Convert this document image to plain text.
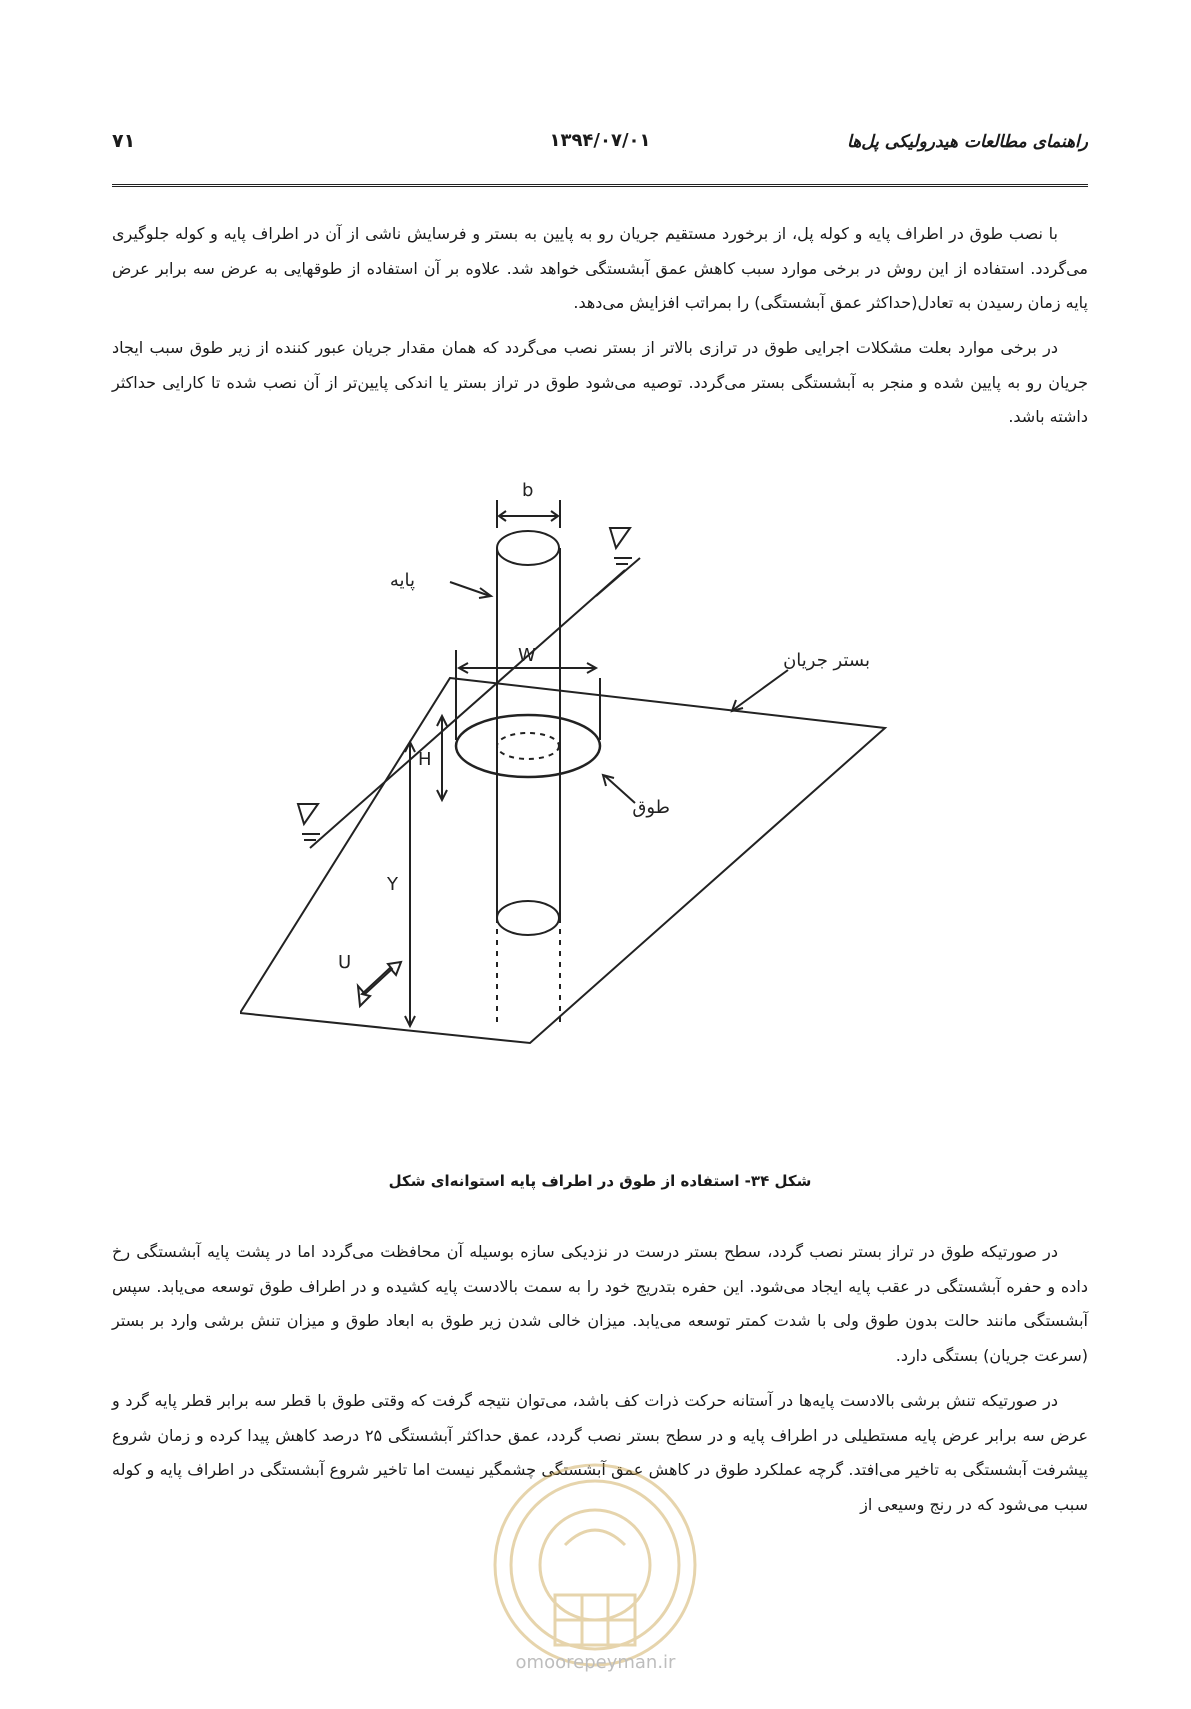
راهنمای مطالعات هیدرولیکی پل‌ها
۱۳۹۴/۰۷/۰۱
۷۱

با نصب طوق در اطراف پایه و کوله پل، از برخورد مستقیم جریان رو به پایین به بستر و فرسایش ناشی از آن در اطراف پایه و کوله جلوگیری می‌گردد. استفاده از این روش در برخی موارد سبب کاهش عمق آبشستگی خواهد شد. علاوه بر آن استفاده از طوقهایی به عرض سه برابر عرض پایه زمان رسیدن به تعادل(حداکثر عمق آبشستگی) را بمراتب افزایش می‌دهد.

در برخی موارد بعلت مشکلات اجرایی طوق در ترازی بالاتر از بستر نصب می‌گردد که همان مقدار جریان عبور کننده از زیر طوق سبب ایجاد جریان رو به پایین شده و منجر به آبشستگی بستر می‌گردد. توصیه می‌شود طوق در تراز بستر یا اندکی پایین‌تر از آن نصب شده تا کارایی حداکثر داشته باشد.

b
W
H
Y
U
پایه
بستر جریان
طوق
شکل ۳۴- استفاده از طوق در اطراف پایه استوانه‌ای شکل

در صورتیکه طوق در تراز بستر نصب گردد، سطح بستر درست در نزدیکی سازه بوسیله آن محافظت می‌گردد اما در پشت پایه آبشستگی رخ داده و حفره آبشستگی در عقب پایه ایجاد می‌شود. این حفره بتدریج خود را به سمت بالادست پایه کشیده و در اطراف طوق توسعه می‌یابد. سپس آبشستگی مانند حالت بدون طوق ولی با شدت کمتر توسعه می‌یابد. میزان خالی شدن زیر طوق به ابعاد طوق و میزان تنش برشی وارد بر بستر (سرعت جریان) بستگی دارد.

در صورتیکه تنش برشی بالادست پایه‌ها در آستانه حرکت ذرات کف باشد، می‌توان نتیجه گرفت که وقتی طوق با قطر سه برابر قطر پایه گرد و عرض سه برابر عرض پایه مستطیلی در اطراف پایه و در سطح بستر نصب گردد، عمق حداکثر آبشستگی ۲۵ درصد کاهش پیدا کرده و زمان شروع پیشرفت آبشستگی به تاخیر می‌افتد. گرچه عملکرد طوق در کاهش عمق آبشستگی چشمگیر نیست اما تاخیر شروع آبشستگی در اطراف پایه و کوله سبب می‌شود که در رنج وسیعی از

omoorepeyman.ir
